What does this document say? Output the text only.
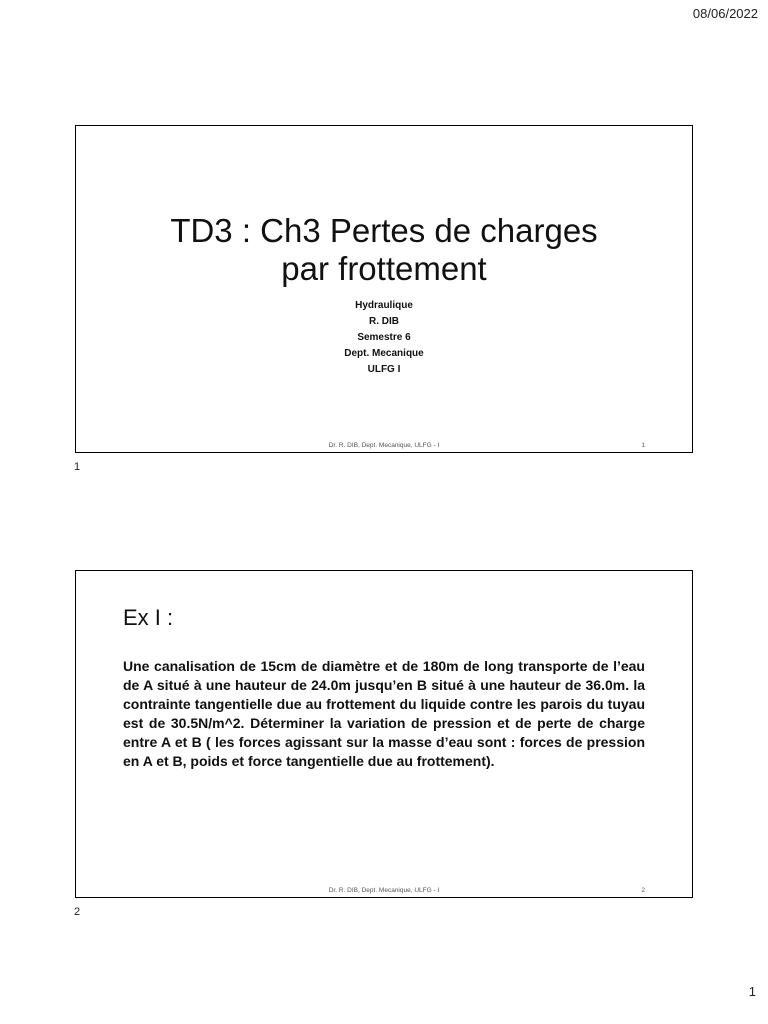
08/06/2022
TD3 : Ch3 Pertes de charges
par frottement
Hydraulique
R. DIB
Semestre 6
Dept. Mecanique
ULFG I
Dr. R. DIB, Dept. Mecanique, ULFG - I	1
1
Ex I :
Une canalisation de 15cm de diamètre et de 180m de long transporte de l’eau de A situé à une hauteur de 24.0m jusqu’en B situé à une hauteur de 36.0m. la contrainte tangentielle due au frottement du liquide contre les parois du tuyau est de 30.5N/m^2. Déterminer la variation de pression et de perte de charge entre A et B ( les forces agissant sur la masse d’eau sont : forces de pression en A et B, poids et force tangentielle due au frottement).
Dr. R. DIB, Dept. Mecanique, ULFG - I	2
2
1
